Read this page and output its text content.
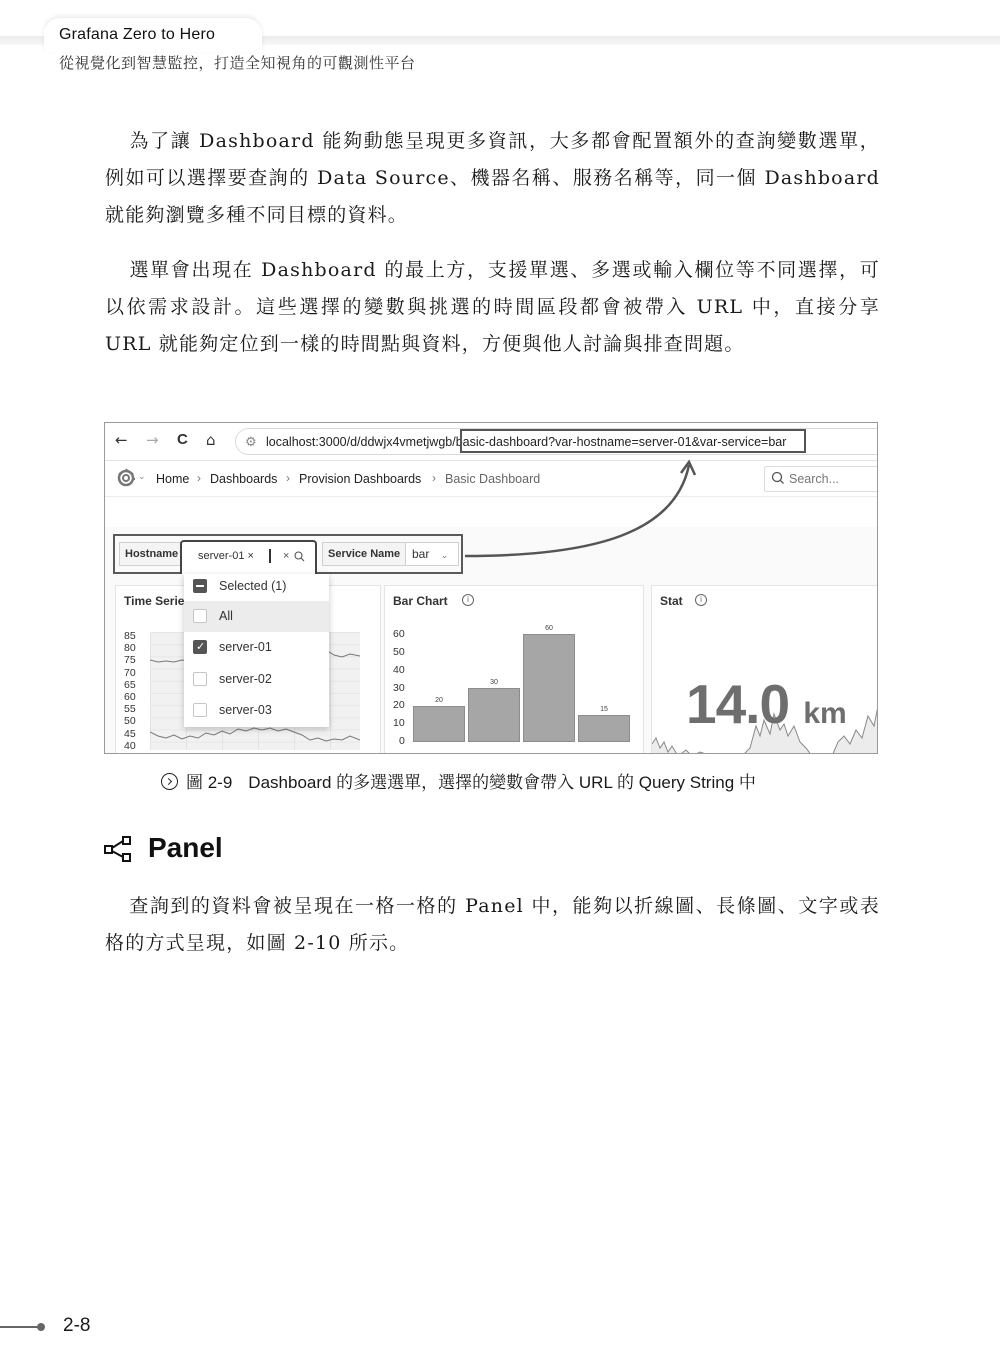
Grafana Zero to Hero
從視覺化到智慧監控，打造全知視角的可觀測性平台

為了讓 Dashboard 能夠動態呈現更多資訊，大多都會配置額外的查詢變數選單，例如可以選擇要查詢的 Data Source、機器名稱、服務名稱等，同一個 Dashboard 就能夠瀏覽多種不同目標的資料。

選單會出現在 Dashboard 的最上方，支援單選、多選或輸入欄位等不同選擇，可以依需求設計。這些選擇的變數與挑選的時間區段都會被帶入 URL 中，直接分享 URL 就能夠定位到一樣的時間點與資料，方便與他人討論與排查問題。

← → C ⌂ ⚙ localhost:3000/d/ddwjx4vmetjwgb/basic-dashboard?var-hostname=server-01&var-service=bar
⌄ Home › Dashboards › Provision Dashboards › Basic Dashboard	Search...
Hostname	server-01 ×	×	Service Name bar ⌄
Time Serie
85
80
75
70
65
60
55
50
45
40
Bar Chart	i
60
50
40
30
20
10
0
20
30
60
15
Stat	i
14.0 km
Selected (1)
All
✓ server-01
server-02
server-03
圖 2-9 Dashboard 的多選選單，選擇的變數會帶入 URL 的 Query String 中
Panel

查詢到的資料會被呈現在一格一格的 Panel 中，能夠以折線圖、長條圖、文字或表格的方式呈現，如圖 2-10 所示。

2-8
